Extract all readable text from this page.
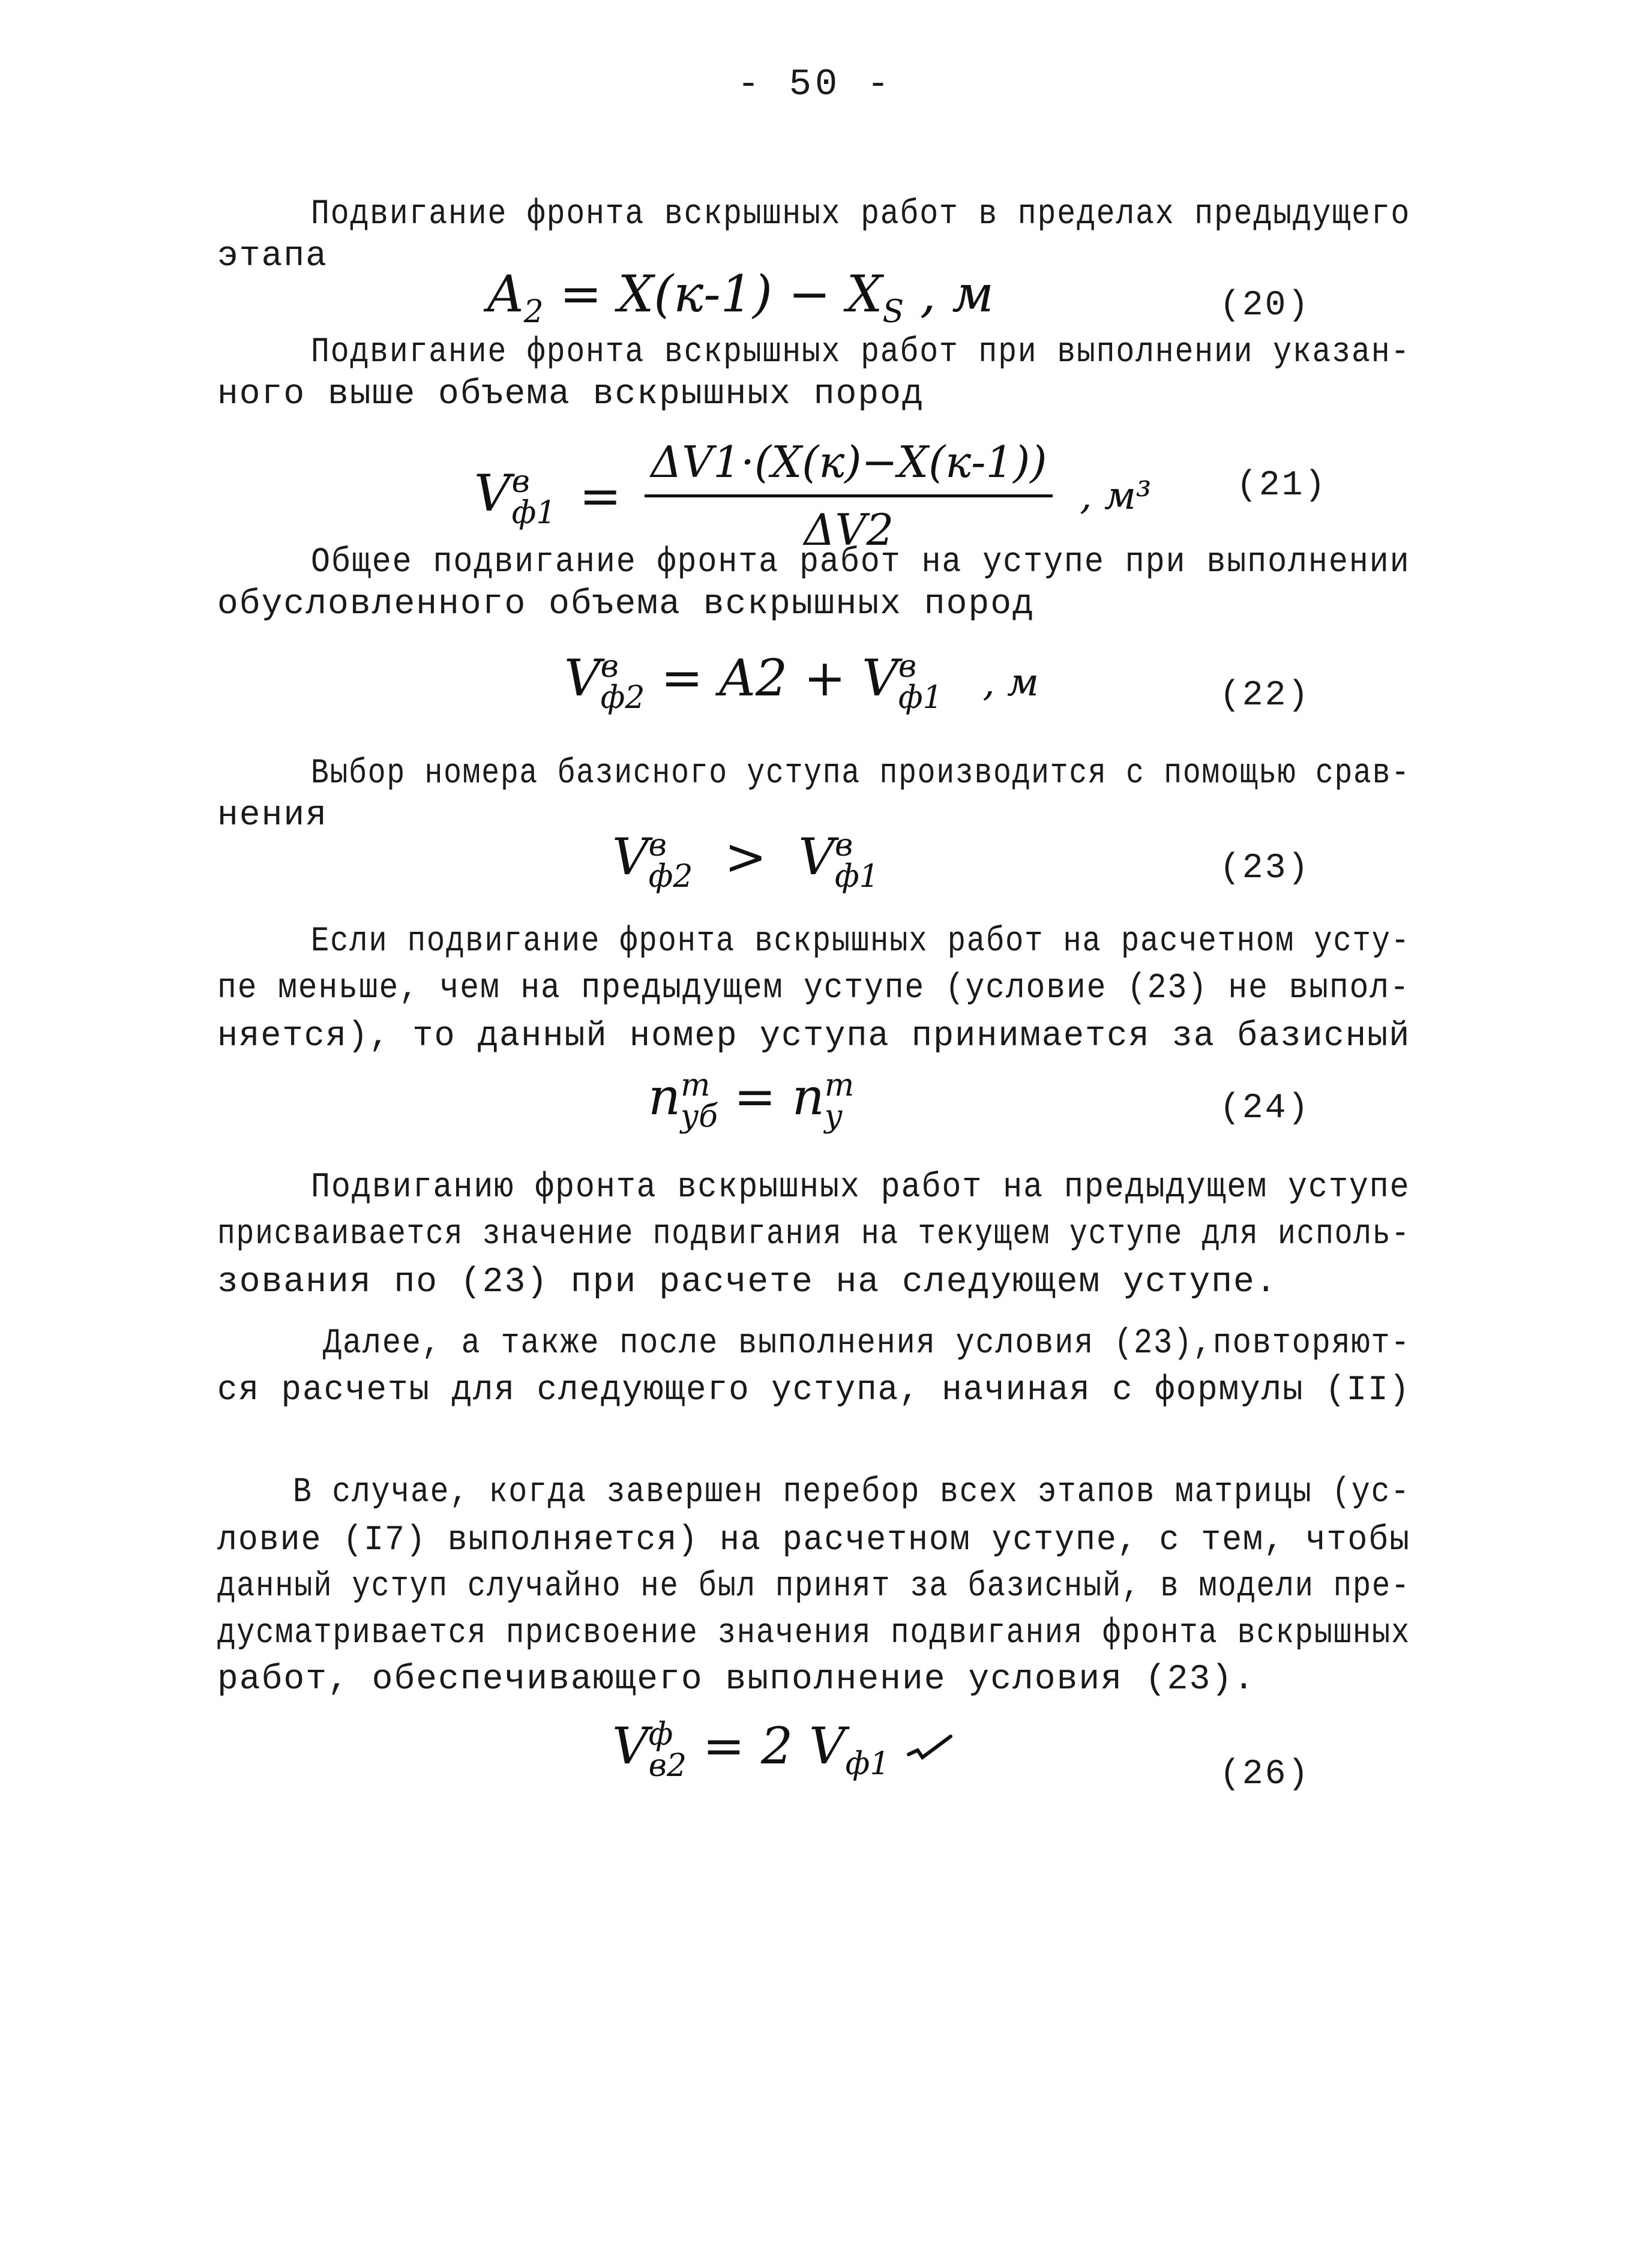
- 50 -
Подвигание фронта вскрышных работ в пределах предыдущего
этапа
$A_2 = X(к-1) - X_S$ , м	(20)
Подвигание фронта вскрышных работ при выполнении указан-
ного выше объема вскрышных пород
V в
$ф1 = \frac{\Delta V1\cdot(X(к)-X(к-1))}{\Delta V2}$ , м³ (21)
Общее подвигание фронта работ на уступе при выполнении
обусловленного объема вскрышных пород
V в
ф2 = A2 + V в
ф1 , м	(22)
Выбор номера базисного уступа производится с помощью срав-
нения
V в
ф2 > V в
ф1	(23)
Если подвигание фронта вскрышных работ на расчетном усту-
пе меньше, чем на предыдущем уступе (условие (23) не выпол-
няется), то данный номер уступа принимается за базисный
n m
уб = n m
у	(24)
Подвиганию фронта вскрышных работ на предыдущем уступе
присваивается значение подвигания на текущем уступе для исполь-
зования по (23) при расчете на следующем уступе.
Далее, а также после выполнения условия (23),повторяют-
ся расчеты для следующего уступа, начиная с формулы (II)
В случае, когда завершен перебор всех этапов матрицы (ус-
ловие (I7) выполняется) на расчетном уступе, с тем, чтобы
данный уступ случайно не был принят за базисный, в модели пре-
дусматривается присвоение значения подвигания фронта вскрышных
работ, обеспечивающего выполнение условия (23).
V ф
в2 = 2 $V_{ф1}$	(26)
